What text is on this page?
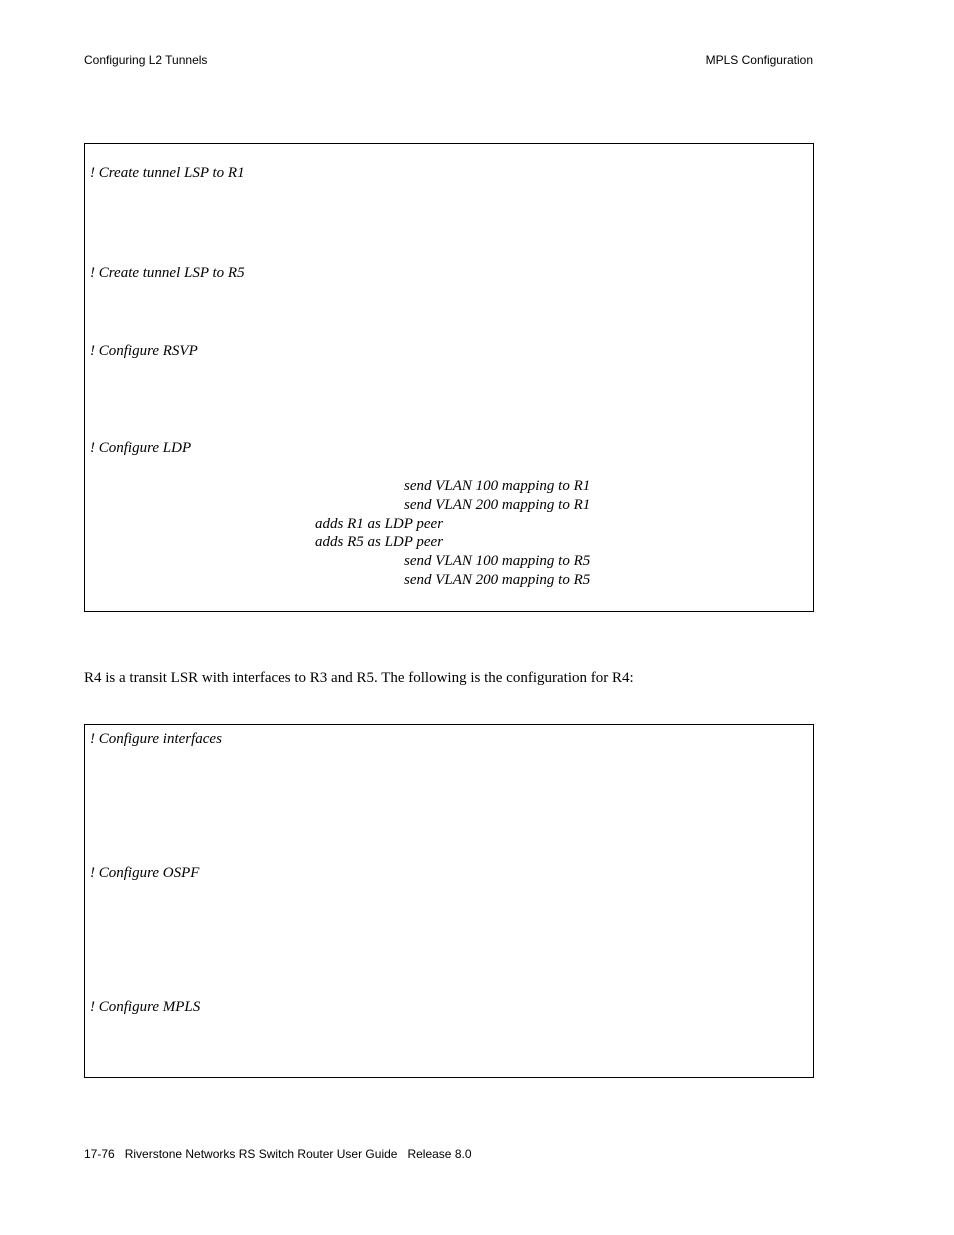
Configuring L2 Tunnels	MPLS Configuration
! Create tunnel LSP to R1
! Create tunnel LSP to R5
! Configure RSVP
! Configure LDP
send VLAN 100 mapping to R1
send VLAN 200 mapping to R1
adds R1 as LDP peer
adds R5 as LDP peer
send VLAN 100 mapping to R5
send VLAN 200 mapping to R5
R4 is a transit LSR with interfaces to R3 and R5. The following is the configuration for R4:
! Configure interfaces
! Configure OSPF
! Configure MPLS
17-76   Riverstone Networks RS Switch Router User Guide   Release 8.0
